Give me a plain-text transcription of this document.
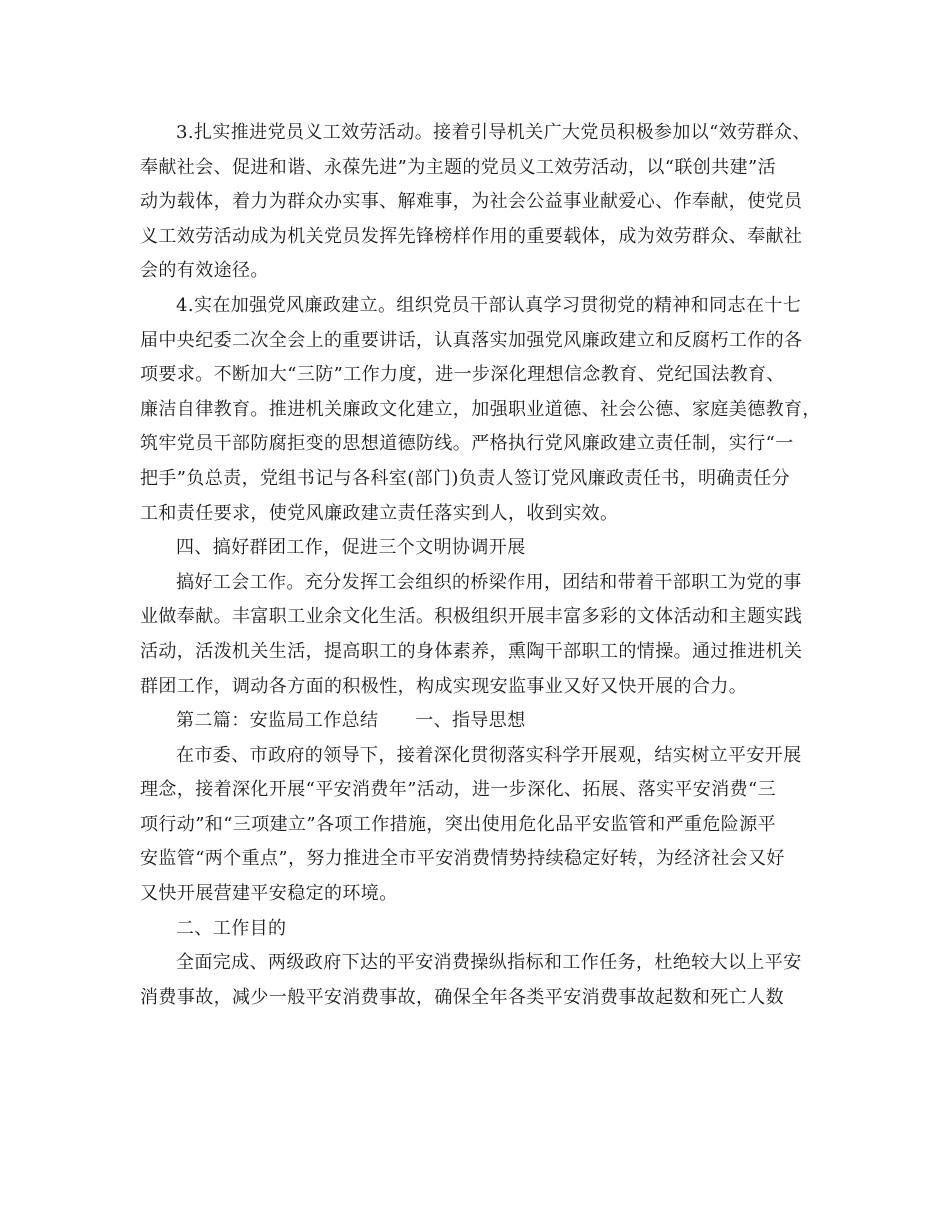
3.扎实推进党员义工效劳活动。接着引导机关广大党员积极参加以“效劳群众、
奉献社会、促进和谐、永葆先进”为主题的党员义工效劳活动，以“联创共建”活
动为载体，着力为群众办实事、解难事，为社会公益事业献爱心、作奉献，使党员
义工效劳活动成为机关党员发挥先锋榜样作用的重要载体，成为效劳群众、奉献社
会的有效途径。
4.实在加强党风廉政建立。组织党员干部认真学习贯彻党的精神和同志在十七
届中央纪委二次全会上的重要讲话，认真落实加强党风廉政建立和反腐朽工作的各
项要求。不断加大“三防”工作力度，进一步深化理想信念教育、党纪国法教育、
廉洁自律教育。推进机关廉政文化建立，加强职业道德、社会公德、家庭美德教育，
筑牢党员干部防腐拒变的思想道德防线。严格执行党风廉政建立责任制，实行“一
把手”负总责，党组书记与各科室(部门)负责人签订党风廉政责任书，明确责任分
工和责任要求，使党风廉政建立责任落实到人，收到实效。
四、搞好群团工作，促进三个文明协调开展
搞好工会工作。充分发挥工会组织的桥梁作用，团结和带着干部职工为党的事
业做奉献。丰富职工业余文化生活。积极组织开展丰富多彩的文体活动和主题实践
活动，活泼机关生活，提高职工的身体素养，熏陶干部职工的情操。通过推进机关
群团工作，调动各方面的积极性，构成实现安监事业又好又快开展的合力。
第二篇：安监局工作总结　　一、指导思想
在市委、市政府的领导下，接着深化贯彻落实科学开展观，结实树立平安开展
理念，接着深化开展“平安消费年”活动，进一步深化、拓展、落实平安消费“三
项行动”和“三项建立”各项工作措施，突出使用危化品平安监管和严重危险源平
安监管“两个重点”，努力推进全市平安消费情势持续稳定好转，为经济社会又好
又快开展营建平安稳定的环境。
二、工作目的
全面完成、两级政府下达的平安消费操纵指标和工作任务，杜绝较大以上平安
消费事故，减少一般平安消费事故，确保全年各类平安消费事故起数和死亡人数
